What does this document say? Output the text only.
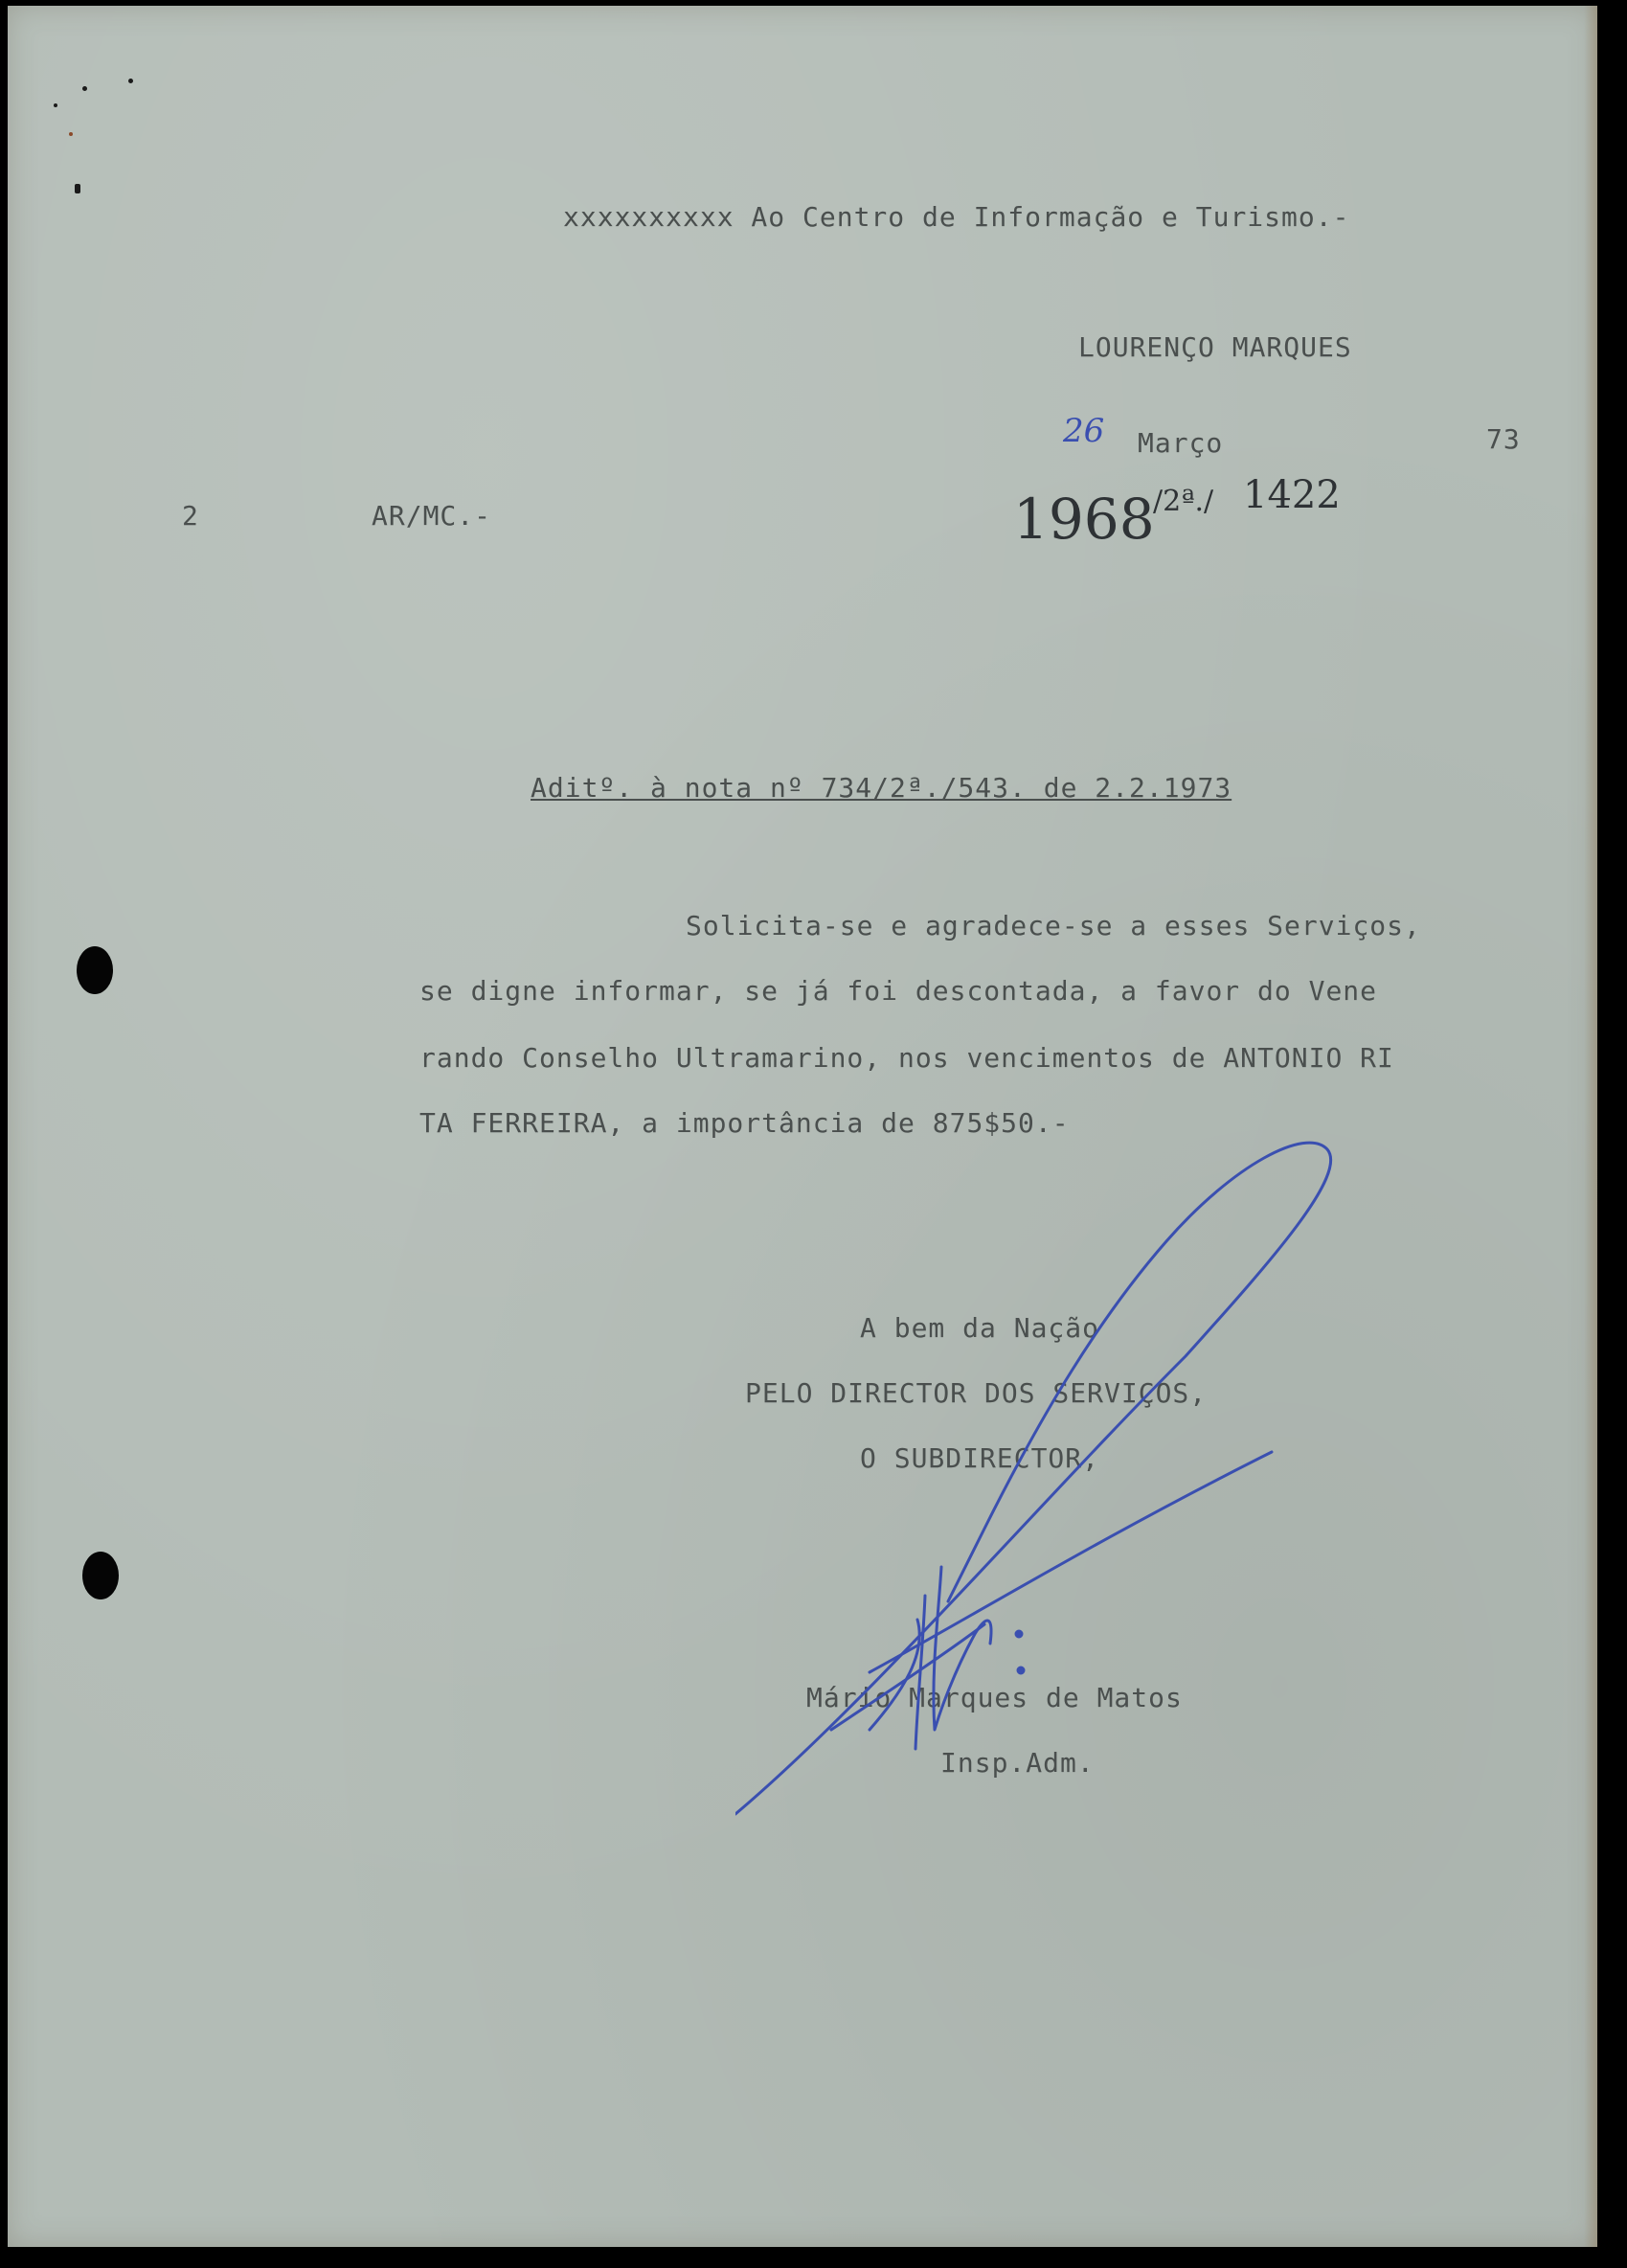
xxxxxxxxxx Ao Centro de Informação e Turismo.-
LOURENÇO MARQUES
26 Março	73
2	AR/MC.-	1968
/2ª./ 1422
Aditº. à nota nº 734/2ª./543. de 2.2.1973
Solicita-se e agradece-se a esses Serviços,
se digne informar, se já foi descontada, a favor do Vene
rando Conselho Ultramarino, nos vencimentos de ANTONIO RI
TA FERREIRA, a importância de 875$50.-
A bem da Nação
PELO DIRECTOR DOS SERVIÇOS,
O SUBDIRECTOR,
Mário Marques de Matos
Insp.Adm.
